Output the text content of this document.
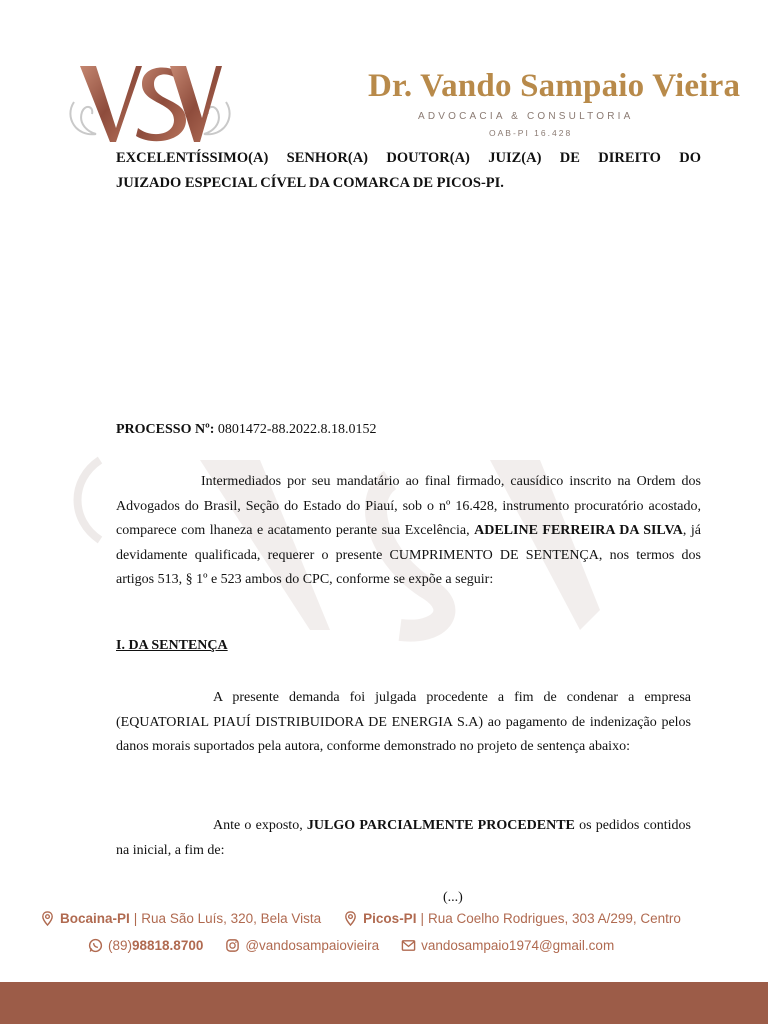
Dr. Vando Sampaio Vieira
ADVOCACIA & CONSULTORIA
OAB-PI 16.428
EXCELENTÍSSIMO(A) SENHOR(A) DOUTOR(A) JUIZ(A) DE DIREITO DO
JUIZADO ESPECIAL CÍVEL DA COMARCA DE PICOS-PI.
PROCESSO Nº: 0801472-88.2022.8.18.0152
Intermediados por seu mandatário ao final firmado, causídico inscrito na Ordem dos Advogados do Brasil, Seção do Estado do Piauí, sob o nº 16.428, instrumento procuratório acostado, comparece com lhaneza e acatamento perante sua Excelência, ADELINE FERREIRA DA SILVA, já devidamente qualificada, requerer o presente CUMPRIMENTO DE SENTENÇA, nos termos dos artigos 513, § 1º e 523 ambos do CPC, conforme se expõe a seguir:
I. DA SENTENÇA
A presente demanda foi julgada procedente a fim de condenar a empresa (EQUATORIAL PIAUÍ DISTRIBUIDORA DE ENERGIA S.A) ao pagamento de indenização pelos danos morais suportados pela autora, conforme demonstrado no projeto de sentença abaixo:
Ante o exposto, JULGO PARCIALMENTE PROCEDENTE os pedidos contidos na inicial, a fim de:
(...)
Bocaina-PI | Rua São Luís, 320, Bela Vista	Picos-PI | Rua Coelho Rodrigues, 303 A/299, Centro
(89) 98818.8700	@vandosampaiovieira	vandosampaio1974@gmail.com
